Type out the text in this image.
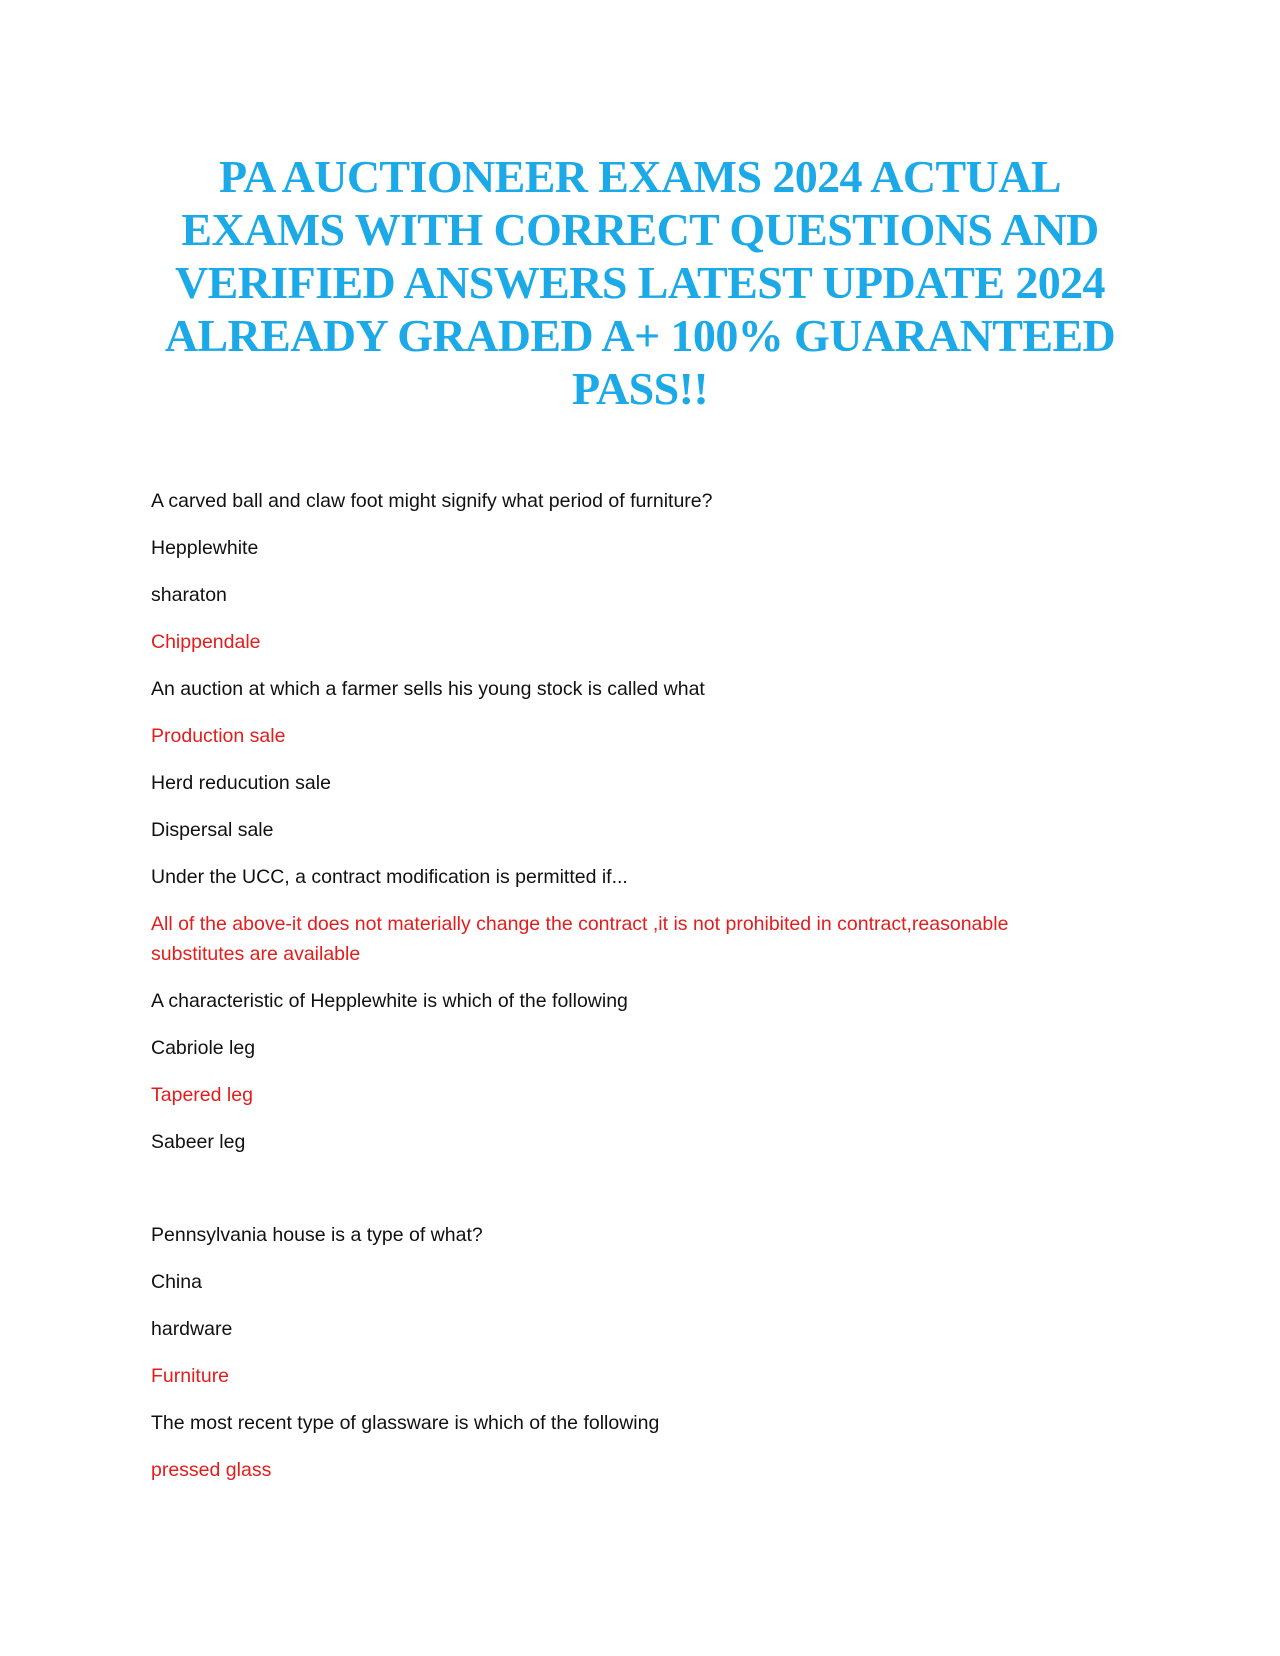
PA AUCTIONEER EXAMS 2024 ACTUAL EXAMS WITH CORRECT QUESTIONS AND VERIFIED ANSWERS LATEST UPDATE 2024 ALREADY GRADED A+ 100% GUARANTEED PASS!!

A carved ball and claw foot might signify what period of furniture?

Hepplewhite

sharaton

Chippendale

An auction at which a farmer sells his young stock is called what

Production sale

Herd reducution sale

Dispersal sale

Under the UCC, a contract modification is permitted if...

All of the above-it does not materially change the contract ,it is not prohibited in contract,reasonable substitutes are available

A characteristic of Hepplewhite is which of the following

Cabriole leg

Tapered leg

Sabeer leg

Pennsylvania house is a type of what?

China

hardware

Furniture

The most recent type of glassware is which of the following

pressed glass
